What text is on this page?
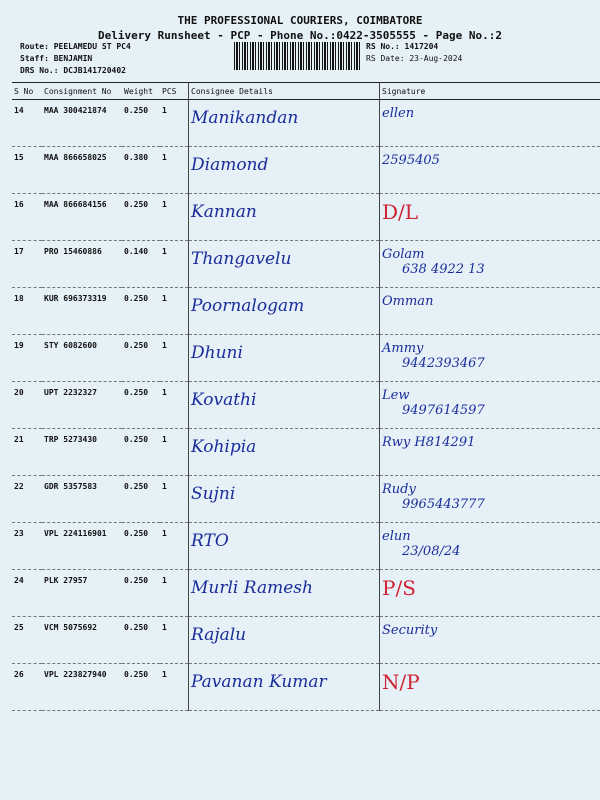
THE PROFESSIONAL COURIERS, COIMBATORE
Delivery Runsheet - PCP - Phone No.:0422-3505555 - Page No.:2
Route: PEELAMEDU ST PC4
Staff: BENJAMIN
DRS No.: DCJB141720402
RS No.: 1417204
RS Date: 23-Aug-2024
S No	Consignment No	Weight	PCS	Consignee Details	Signature
14	MAA 300421874	0.250	1	Manikandan	ellen

15	MAA 866658025	0.380	1	Diamond	2595405

16	MAA 866684156	0.250	1	Kannan	D/L

17	PRO 15460886	0.140	1	Thangavelu	Golam
638 4922 13

18	KUR 696373319	0.250	1	Poornalogam	Omman

19	STY 6082600	0.250	1	Dhuni	Ammy
9442393467

20	UPT 2232327	0.250	1	Kovathi	Lew
9497614597

21	TRP 5273430	0.250	1	Kohipia	Rwy H814291

22	GDR 5357583	0.250	1	Sujni	Rudy
9965443777

23	VPL 224116901	0.250	1	RTO	elun
23/08/24

24	PLK 27957	0.250	1	Murli Ramesh	P/S

25	VCM 5075692	0.250	1	Rajalu	Security

26	VPL 223827940	0.250	1	Pavanan Kumar	N/P
